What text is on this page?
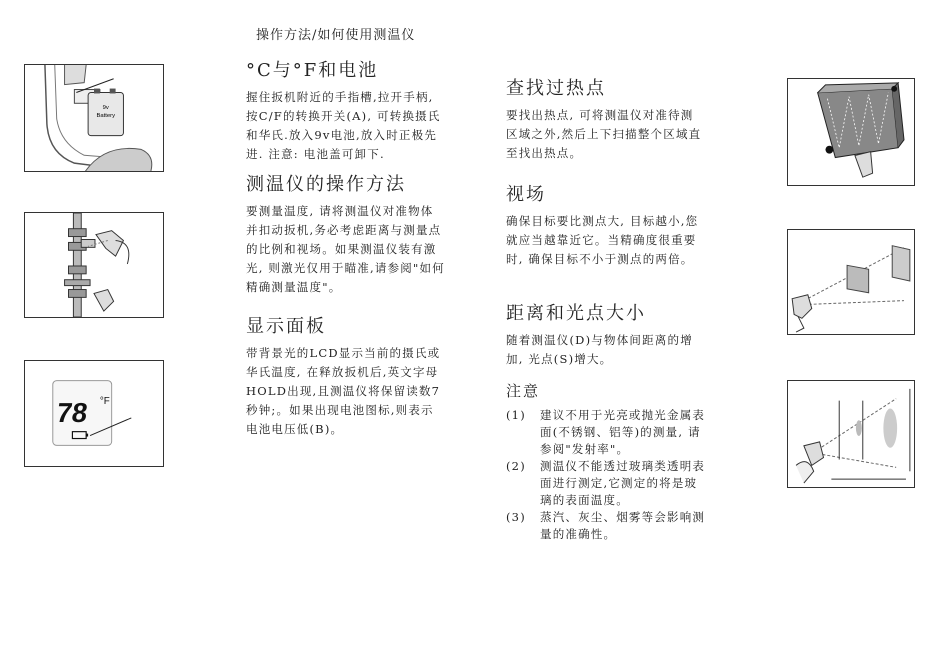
操作方法/如何使用测温仪
9v
Battery
78 °F
°C与°F和电池
握住扳机附近的手指槽,拉开手柄,按C/F的转换开关(A), 可转换摄氏和华氏.放入9v电池,放入时正极先进. 注意: 电池盖可卸下.
测温仪的操作方法
要测量温度, 请将测温仪对准物体并扣动扳机,务必考虑距离与测量点的比例和视场。如果测温仪装有激光, 则激光仅用于瞄准,请参阅"如何精确测量温度"。
显示面板
带背景光的LCD显示当前的摄氏或华氏温度, 在释放扳机后,英文字母HOLD出现,且测温仪将保留读数7秒钟;。如果出现电池图标,则表示电池电压低(B)。
查找过热点
要找出热点, 可将测温仪对准待测区域之外,然后上下扫描整个区域直至找出热点。
视场
确保目标要比测点大, 目标越小,您就应当越靠近它。当精确度很重要时, 确保目标不小于测点的两倍。
距离和光点大小
随着测温仪(D)与物体间距离的增加, 光点(S)增大。
注意
(1)	建议不用于光亮或抛光金属表面(不锈钢、铝等)的测量, 请参阅"发射率"。
(2)	测温仪不能透过玻璃类透明表面进行测定,它测定的将是玻璃的表面温度。
(3)	蒸汽、灰尘、烟雾等会影响测量的准确性。
